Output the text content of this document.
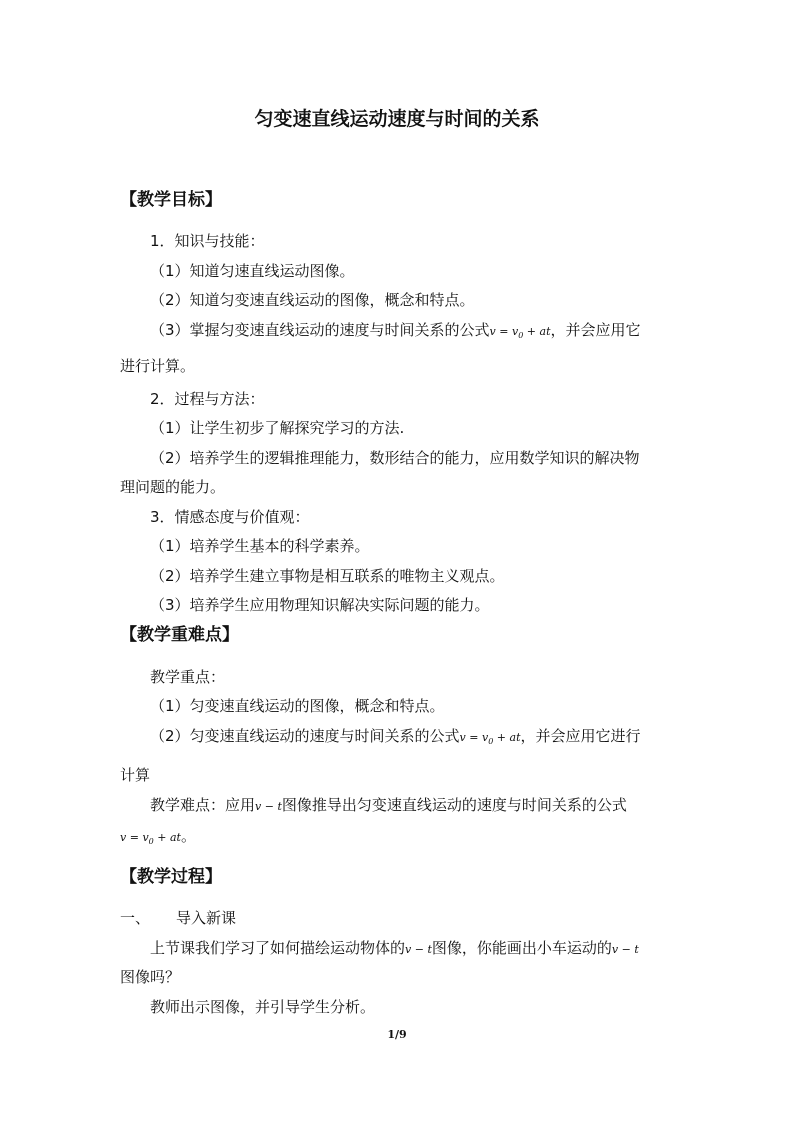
匀变速直线运动速度与时间的关系
【教学目标】
1．知识与技能：
（1）知道匀速直线运动图像。
（2）知道匀变速直线运动的图像，概念和特点。
（3）掌握匀变速直线运动的速度与时间关系的公式$v = v_0$ + at，并会应用它
进行计算。
2．过程与方法：
（1）让学生初步了解探究学习的方法.
（2）培养学生的逻辑推理能力，数形结合的能力，应用数学知识的解决物
理问题的能力。
3．情感态度与价值观：
（1）培养学生基本的科学素养。
（2）培养学生建立事物是相互联系的唯物主义观点。
（3）培养学生应用物理知识解决实际问题的能力。
【教学重难点】
教学重点：
（1）匀变速直线运动的图像，概念和特点。
（2）匀变速直线运动的速度与时间关系的公式$v = v_0$ + at，并会应用它进行
计算
教学难点：应用v − t图像推导出匀变速直线运动的速度与时间关系的公式
$v = v_0$ + at。
【教学过程】
一、 导入新课
上节课我们学习了如何描绘运动物体的v − t图像，你能画出小车运动的v − t
图像吗？
教师出示图像，并引导学生分析。
1/9
